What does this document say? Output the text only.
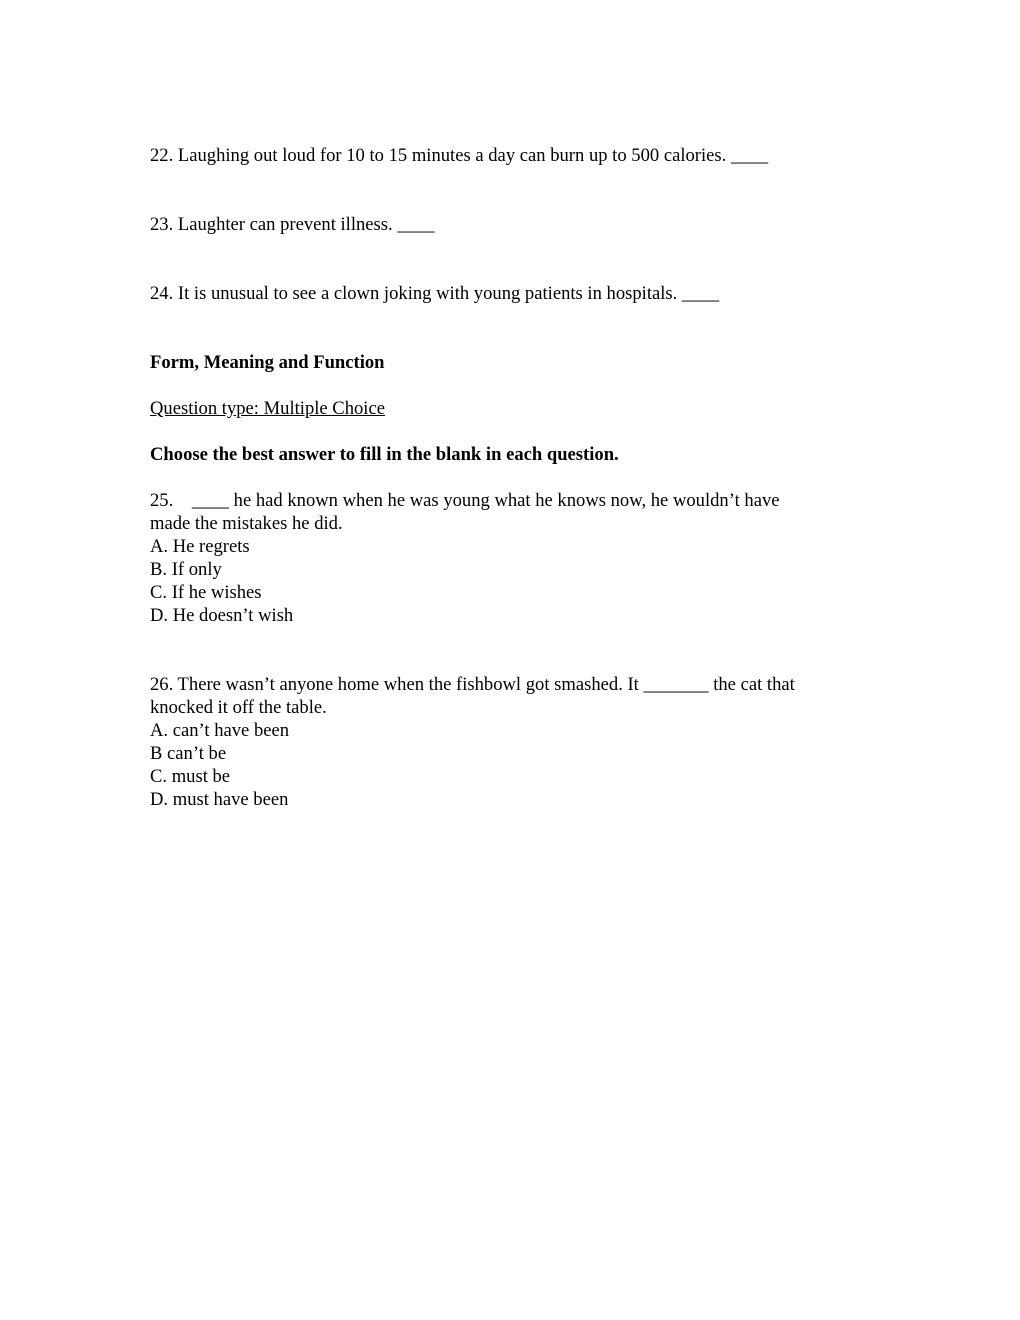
22. Laughing out loud for 10 to 15 minutes a day can burn up to 500 calories. ____
23. Laughter can prevent illness. ____
24. It is unusual to see a clown joking with young patients in hospitals. ____
Form, Meaning and Function
Question type: Multiple Choice
Choose the best answer to fill in the blank in each question.
25.    ____ he had known when he was young what he knows now, he wouldn’t have
made the mistakes he did.
A. He regrets
B. If only
C. If he wishes
D. He doesn’t wish
26. There wasn’t anyone home when the fishbowl got smashed. It _______ the cat that
knocked it off the table.
A. can’t have been
B can’t be
C. must be
D. must have been
